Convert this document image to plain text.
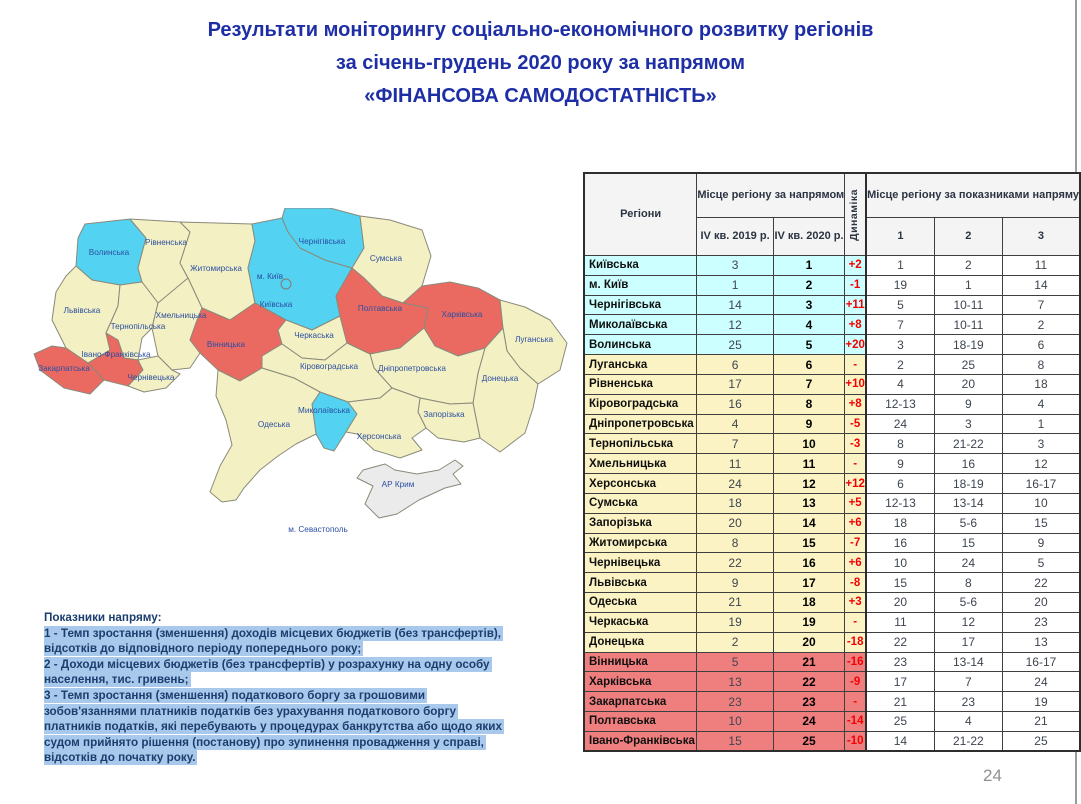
Результати моніторингу соціально-економічного розвитку регіонів
за січень-грудень 2020 року за напрямом
«ФІНАНСОВА САМОДОСТАТНІСТЬ»
Волинська
Рівненська
Житомирська
Київська
Чернігівська
Сумська
Львівська
Тернопільська
Хмельницька
Вінницька
Івано-Франківська
Закарпатська
Чернівецька
Черкаська
Полтавська
Харківська
Луганська
Донецька
Дніпропетровська
Кіровоградська
Запорізька
Миколаївська
Херсонська
Одеська
АР Крим
м. Київ
м. Севастополь
Регіони	Місце регіону за напрямом		Динаміка	Місце регіону за показниками напряму		
	IV кв. 2019 р.	IV кв. 2020 р.		1	2	3
Київська	3	1	+2	1	2	11
м. Київ	1	2	-1	19	1	14
Чернігівська	14	3	+11	5	10-11	7
Миколаївська	12	4	+8	7	10-11	2
Волинська	25	5	+20	3	18-19	6
Луганська	6	6	-	2	25	8
Рівненська	17	7	+10	4	20	18
Кіровоградська	16	8	+8	12-13	9	4
Дніпропетровська	4	9	-5	24	3	1
Тернопільська	7	10	-3	8	21-22	3
Хмельницька	11	11	-	9	16	12
Херсонська	24	12	+12	6	18-19	16-17
Сумська	18	13	+5	12-13	13-14	10
Запорізька	20	14	+6	18	5-6	15
Житомирська	8	15	-7	16	15	9
Чернівецька	22	16	+6	10	24	5
Львівська	9	17	-8	15	8	22
Одеська	21	18	+3	20	5-6	20
Черкаська	19	19	-	11	12	23
Донецька	2	20	-18	22	17	13
Вінницька	5	21	-16	23	13-14	16-17
Харківська	13	22	-9	17	7	24
Закарпатська	23	23	-	21	23	19
Полтавська	10	24	-14	25	4	21
Івано-Франківська	15	25	-10	14	21-22	25
Показники напряму:
1 - Темп зростання (зменшення) доходів місцевих бюджетів (без трансфертів),
відсотків до відповідного періоду попереднього року;
2 - Доходи місцевих бюджетів (без трансфертів) у розрахунку на одну особу
населення, тис. гривень;
3 - Темп зростання (зменшення) податкового боргу за грошовими
зобов'язаннями платників податків без урахування податкового боргу
платників податків, які перебувають у процедурах банкрутства або щодо яких
судом прийнято рішення (постанову) про зупинення провадження у справі,
відсотків до початку року.
24
